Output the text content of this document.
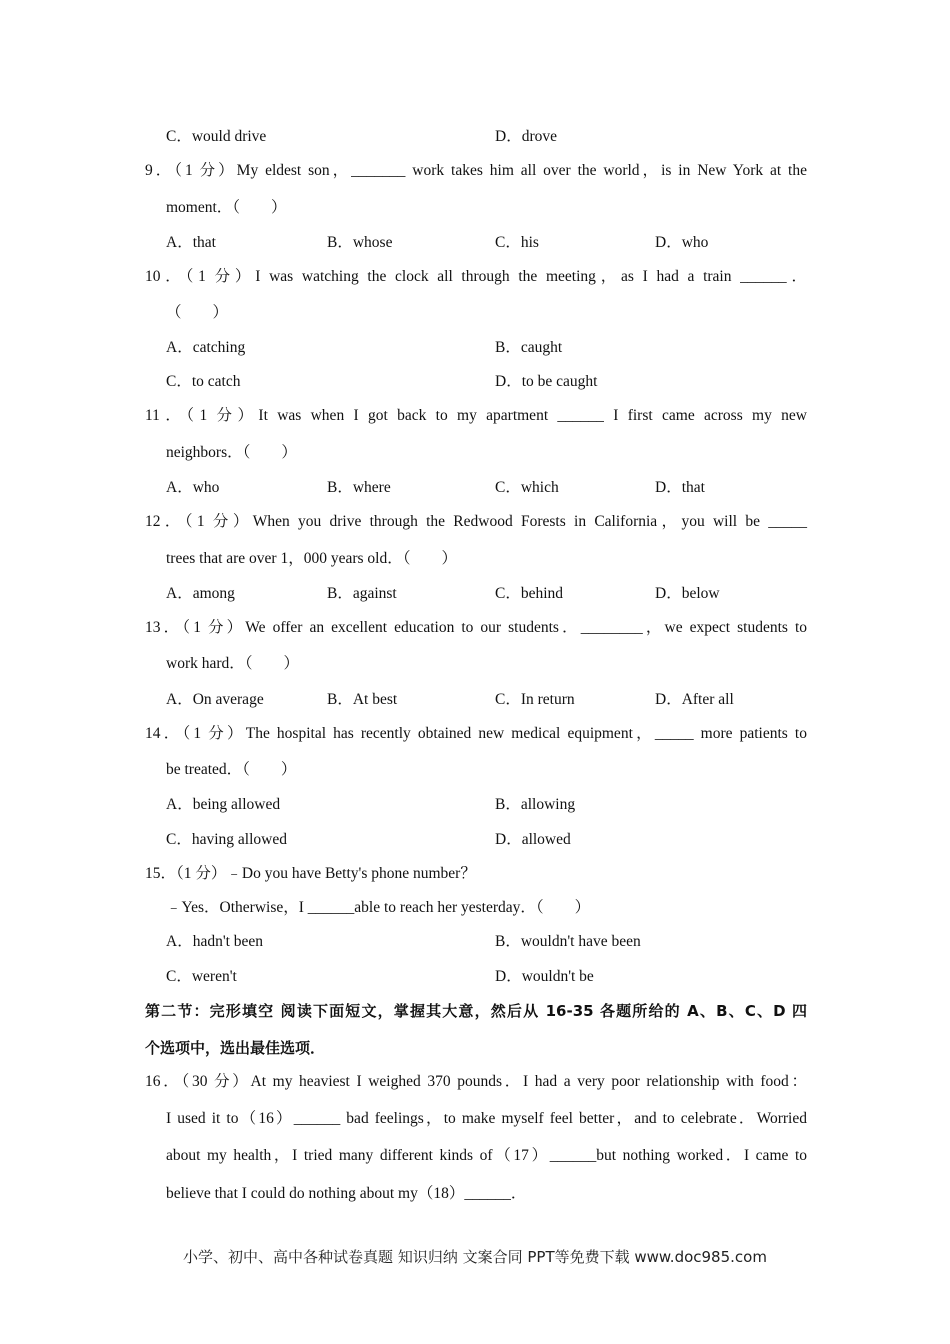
C．would drive	D．drove
9．（1 分）My eldest son，_______ work takes him all over the world，is in New York at the
moment．（　　）
A．that	B．whose	C．his	D．who
10．（1 分）I was watching the clock all through the meeting，as I had a train ______．
（　　）
A．catching	B．caught
C．to catch	D．to be caught
11．（1 分）It was when I got back to my apartment ______ I first came across my new
neighbors．（　　）
A．who	B．where	C．which	D．that
12．（1 分）When you drive through the Redwood Forests in California，you will be _____
trees that are over 1，000 years old．（　　）
A．among	B．against	C．behind	D．below
13．（1 分）We offer an excellent education to our students．________，we expect students to
work hard．（　　）
A．On average	B．At best	C．In return	D．After all
14．（1 分）The hospital has recently obtained new medical equipment，_____ more patients to
be treated．（　　）
A．being allowed	B．allowing
C．having allowed	D．allowed
15．（1 分）﹣Do you have Betty's phone number？
﹣Yes．Otherwise，I ______able to reach her yesterday．（　　）
A．hadn't been	B．wouldn't have been
C．weren't	D．wouldn't be
第二节：完形填空 阅读下面短文，掌握其大意，然后从 16-35 各题所给的 A、B、C、D 四
个选项中，选出最佳选项．
16．（30 分）At my heaviest I weighed 370 pounds．I had a very poor relationship with food：
I used it to（16）______ bad feelings，to make myself feel better，and to celebrate．Worried
about my health，I tried many different kinds of（17）______but nothing worked．I came to
believe that I could do nothing about my（18）______．
小学、初中、高中各种试卷真题 知识归纳 文案合同 PPT等免费下载 www.doc985.com
